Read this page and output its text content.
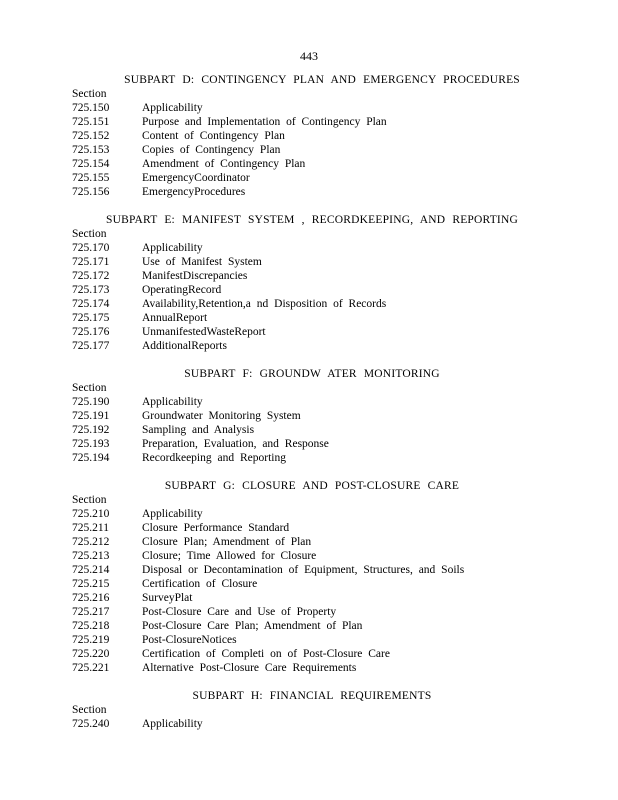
443
SUBPART D: CONTINGENCY PLAN AND EMERGENCY PROCEDURES
Section
725.150	Applicability
725.151	Purpose and Implementation of Contingency Plan
725.152	Content of Contingency Plan
725.153	Copies of Contingency Plan
725.154	Amendment of Contingency Plan
725.155	EmergencyCoordinator
725.156	EmergencyProcedures
SUBPART E: MANIFEST SYSTEM , RECORDKEEPING, AND REPORTING
Section
725.170	Applicability
725.171	Use of Manifest System
725.172	ManifestDiscrepancies
725.173	OperatingRecord
725.174	Availability,Retention,a nd Disposition of Records
725.175	AnnualReport
725.176	UnmanifestedWasteReport
725.177	AdditionalReports
SUBPART F: GROUNDW ATER MONITORING
Section
725.190	Applicability
725.191	Groundwater Monitoring System
725.192	Sampling and Analysis
725.193	Preparation, Evaluation, and Response
725.194	Recordkeeping and Reporting
SUBPART G: CLOSURE AND POST-CLOSURE CARE
Section
725.210	Applicability
725.211	Closure Performance Standard
725.212	Closure Plan; Amendment of Plan
725.213	Closure; Time Allowed for Closure
725.214	Disposal or Decontamination of Equipment, Structures, and Soils
725.215	Certification of Closure
725.216	SurveyPlat
725.217	Post-Closure Care and Use of Property
725.218	Post-Closure Care Plan; Amendment of Plan
725.219	Post-ClosureNotices
725.220	Certification of Completi on of Post-Closure Care
725.221	Alternative Post-Closure Care Requirements
SUBPART H: FINANCIAL REQUIREMENTS
Section
725.240	Applicability
